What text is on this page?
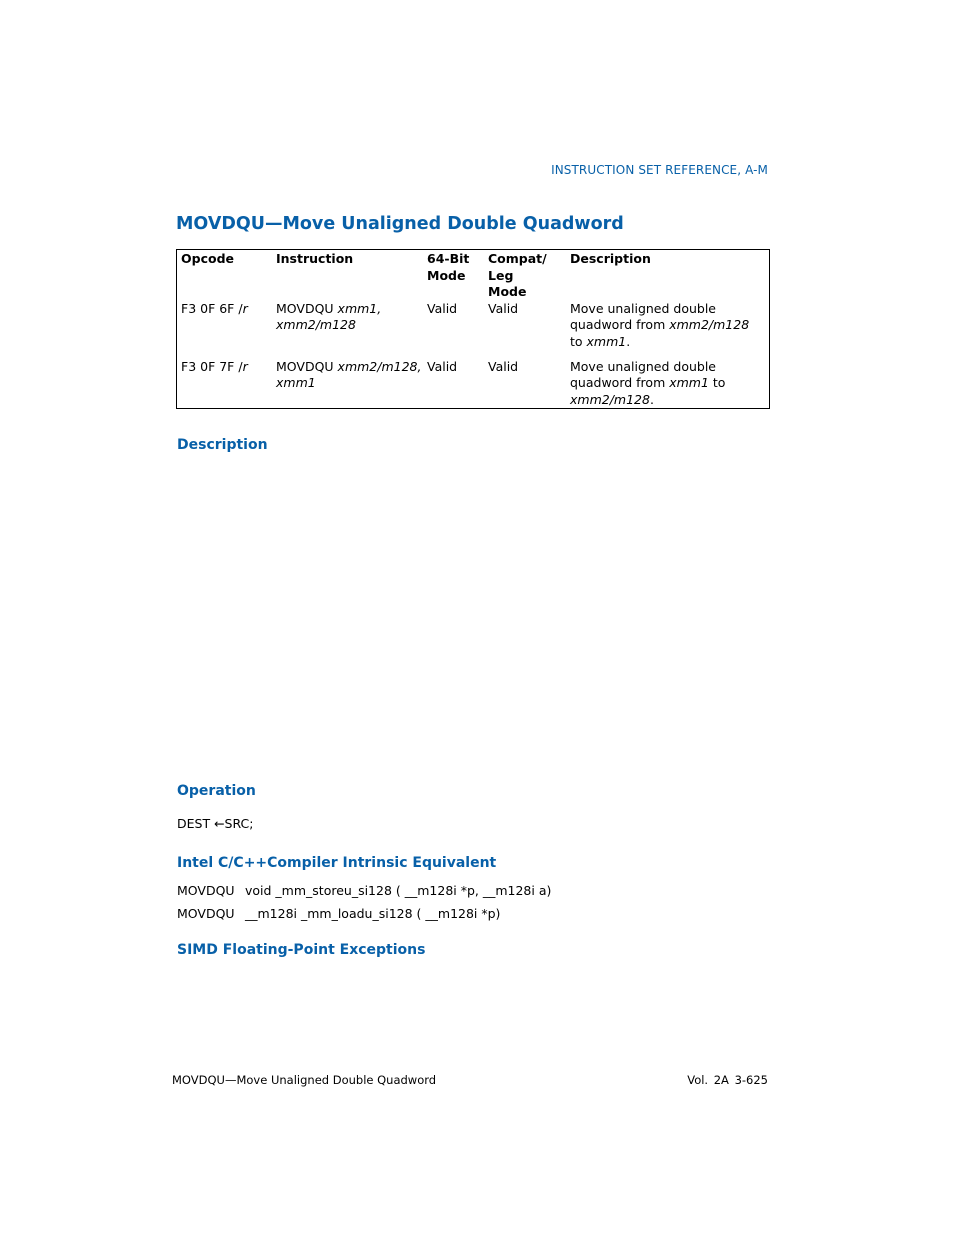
INSTRUCTION SET REFERENCE, A-M
MOVDQU—Move Unaligned Double Quadword
Opcode	Instruction	64-Bit Mode	Compat/ Leg Mode	Description
F3 0F 6F /r	MOVDQU xmm1, xmm2/m128	Valid	Valid	Move unaligned double quadword from xmm2/m128 to xmm1.
F3 0F 7F /r	MOVDQU xmm2/m128, xmm1	Valid	Valid	Move unaligned double quadword from xmm1 to xmm2/m128.
Description
Operation
DEST ←SRC;
Intel C/C++Compiler Intrinsic Equivalent
MOVDQU void _mm_storeu_si128 ( __m128i *p, __m128i a)
MOVDQU __m128i _mm_loadu_si128 ( __m128i *p)
SIMD Floating-Point Exceptions
MOVDQU—Move Unaligned Double Quadword	Vol. 2A 3-625
